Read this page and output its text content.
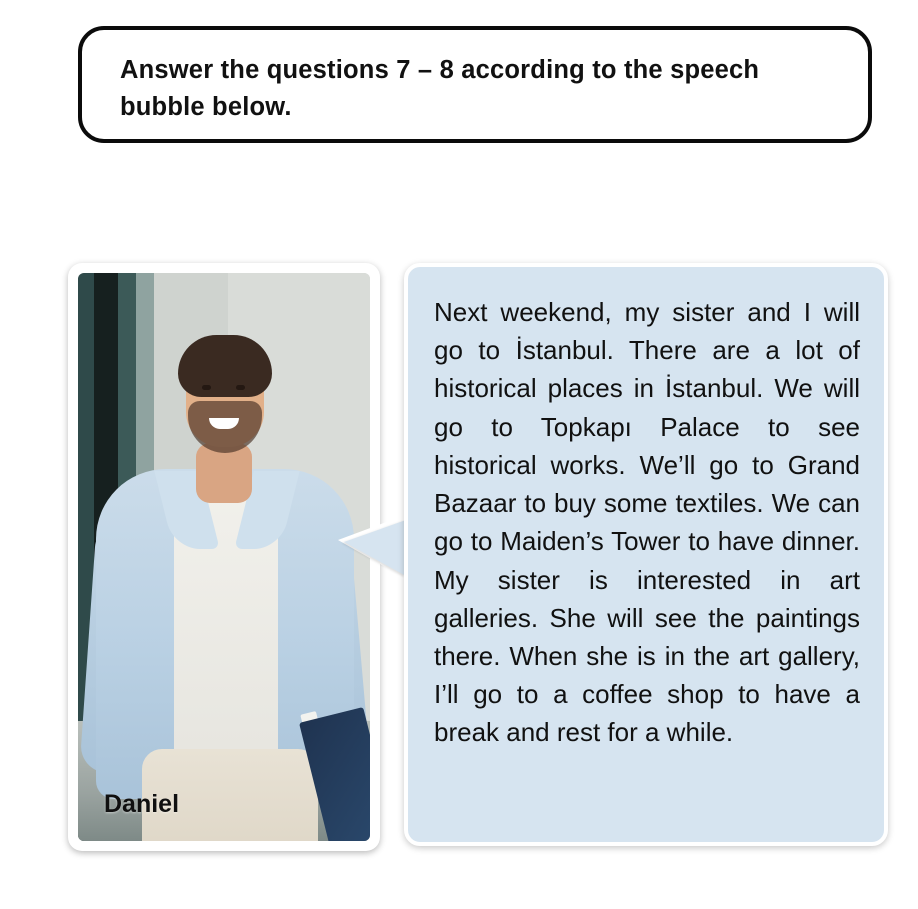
Answer the questions 7 – 8 according to the speech bubble below.
Daniel
Next weekend, my sister and I will go to İstanbul. There are a lot of historical places in İstanbul. We will go to Topkapı Palace to see historical works. We’ll go to Grand Bazaar to buy some textiles. We can go to Maiden’s Tower to have dinner. My sister is interested in art galleries. She will see the paintings there. When she is in the art gallery, I’ll go to a coffee shop to have a break and rest for a while.
